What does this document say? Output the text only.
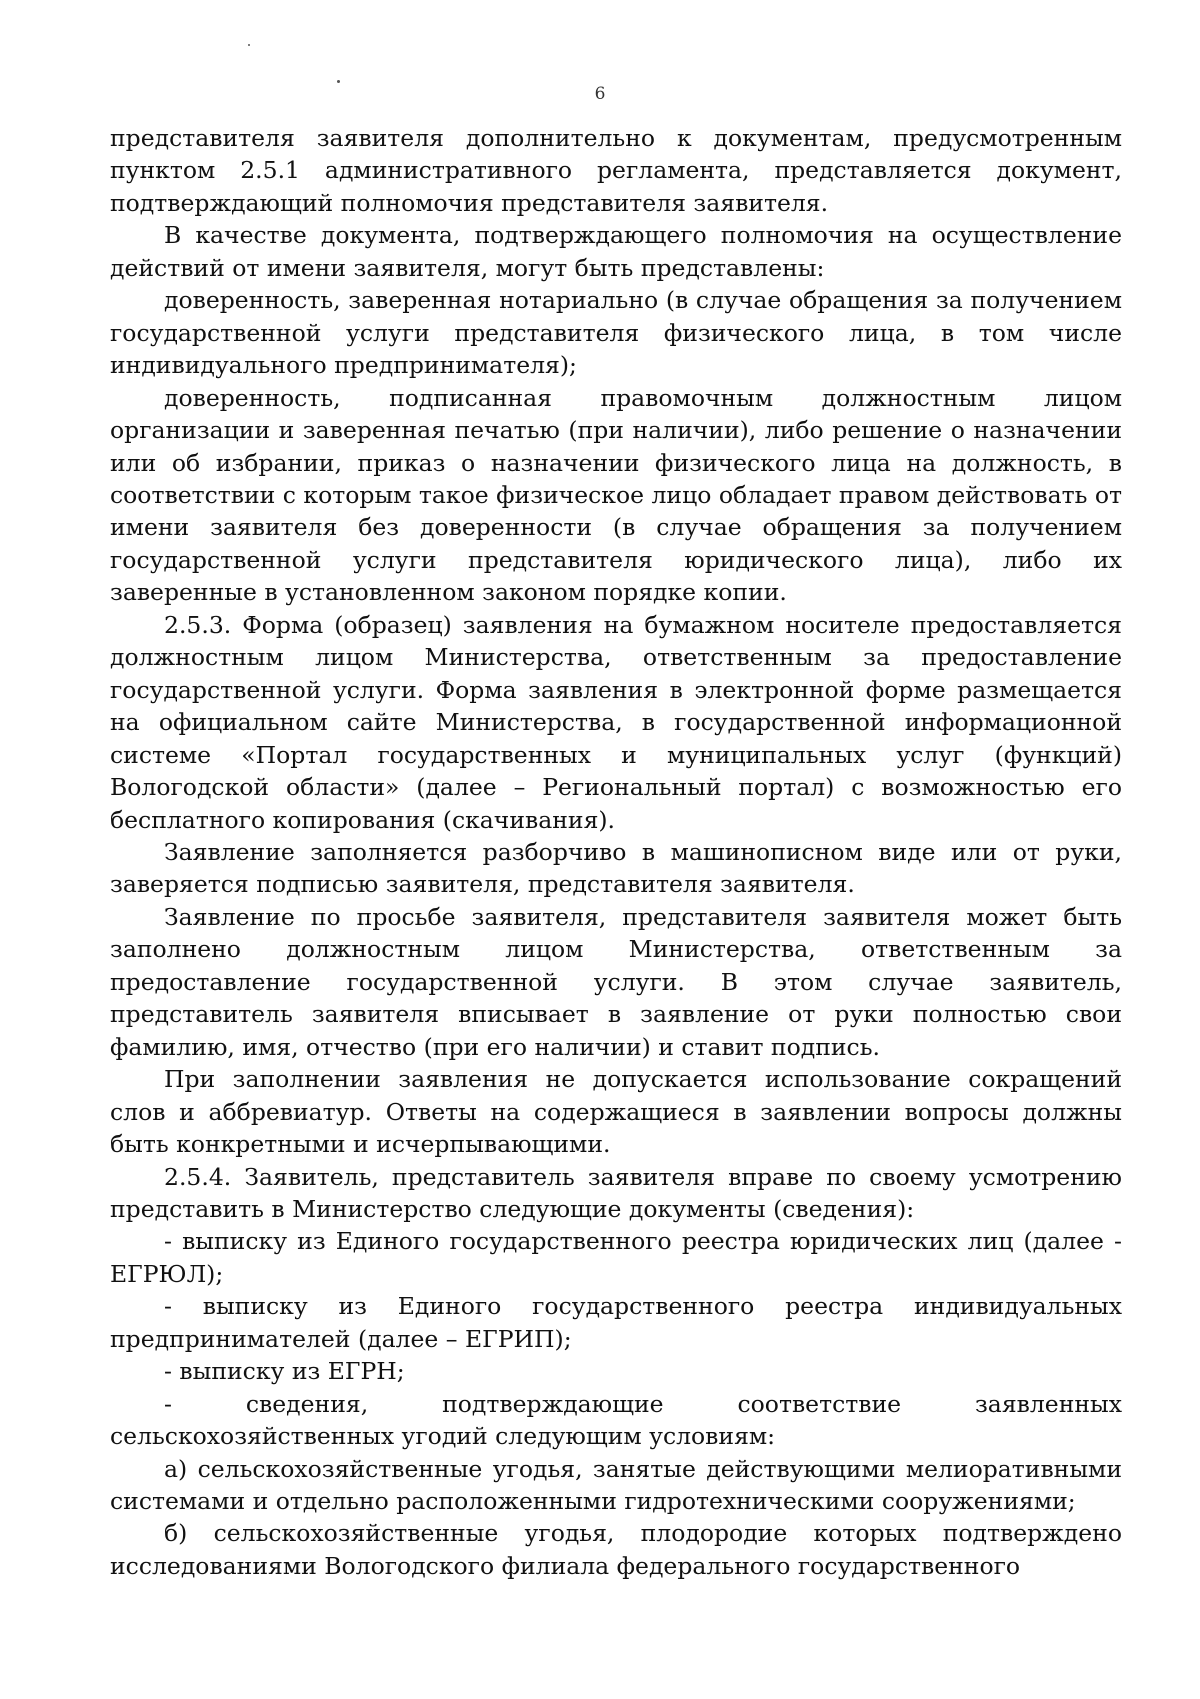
6

представителя заявителя дополнительно к документам, предусмотренным пунктом 2.5.1 административного регламента, представляется документ, подтверждающий полномочия представителя заявителя.

В качестве документа, подтверждающего полномочия на осуществление действий от имени заявителя, могут быть представлены:

доверенность, заверенная нотариально (в случае обращения за получением государственной услуги представителя физического лица, в том числе индивидуального предпринимателя);

доверенность, подписанная правомочным должностным лицом организации и заверенная печатью (при наличии), либо решение о назначении или об избрании, приказ о назначении физического лица на должность, в соответствии с которым такое физическое лицо обладает правом действовать от имени заявителя без доверенности (в случае обращения за получением государственной услуги представителя юридического лица), либо их заверенные в установленном законом порядке копии.

2.5.3. Форма (образец) заявления на бумажном носителе предоставляется должностным лицом Министерства, ответственным за предоставление государственной услуги. Форма заявления в электронной форме размещается на официальном сайте Министерства, в государственной информационной системе «Портал государственных и муниципальных услуг (функций) Вологодской области» (далее – Региональный портал) с возможностью его бесплатного копирования (скачивания).

Заявление заполняется разборчиво в машинописном виде или от руки, заверяется подписью заявителя, представителя заявителя.

Заявление по просьбе заявителя, представителя заявителя может быть заполнено должностным лицом Министерства, ответственным за предоставление государственной услуги. В этом случае заявитель, представитель заявителя вписывает в заявление от руки полностью свои фамилию, имя, отчество (при его наличии) и ставит подпись.

При заполнении заявления не допускается использование сокращений слов и аббревиатур. Ответы на содержащиеся в заявлении вопросы должны быть конкретными и исчерпывающими.

2.5.4. Заявитель, представитель заявителя вправе по своему усмотрению представить в Министерство следующие документы (сведения):

- выписку из Единого государственного реестра юридических лиц (далее - ЕГРЮЛ);

- выписку из Единого государственного реестра индивидуальных предпринимателей (далее – ЕГРИП);

- выписку из ЕГРН;

- сведения, подтверждающие соответствие заявленных сельскохозяйственных угодий следующим условиям:

а) сельскохозяйственные угодья, занятые действующими мелиоративными системами и отдельно расположенными гидротехническими сооружениями;

б) сельскохозяйственные угодья, плодородие которых подтверждено исследованиями Вологодского филиала федерального государственного
